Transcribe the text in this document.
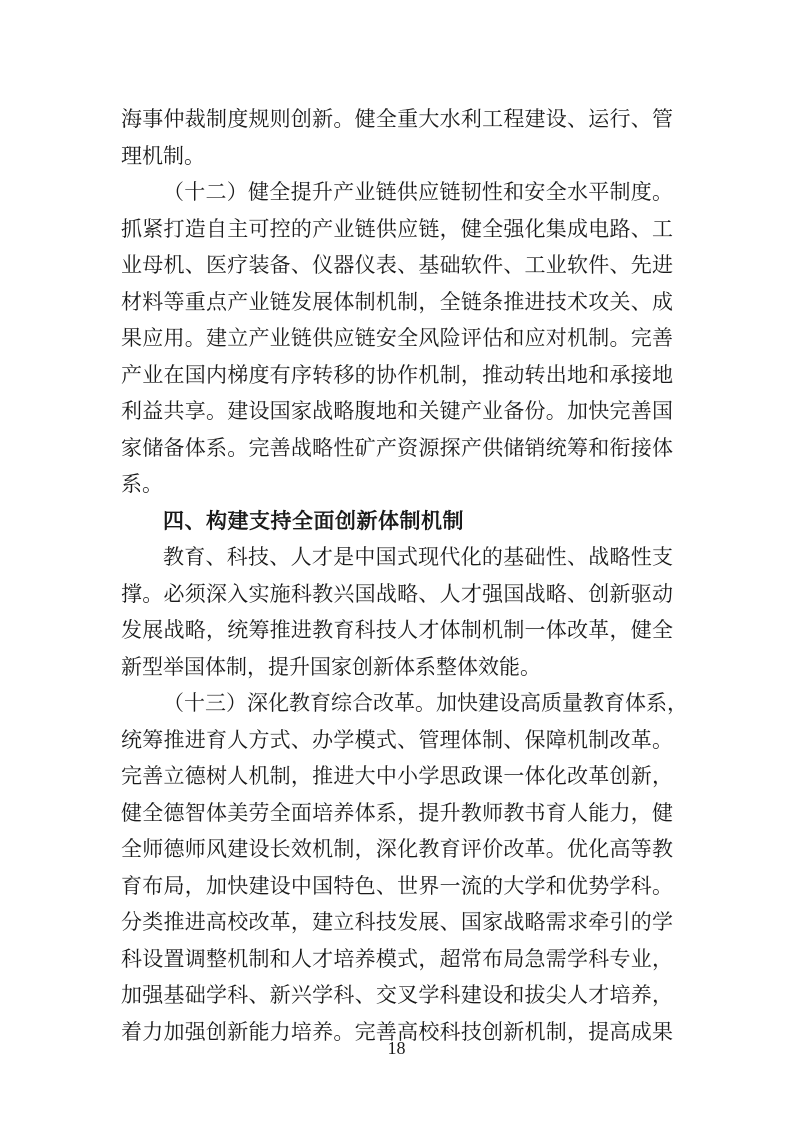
海事仲裁制度规则创新。健全重大水利工程建设、运行、管
理机制。
（十二）健全提升产业链供应链韧性和安全水平制度。
抓紧打造自主可控的产业链供应链，健全强化集成电路、工
业母机、医疗装备、仪器仪表、基础软件、工业软件、先进
材料等重点产业链发展体制机制，全链条推进技术攻关、成
果应用。建立产业链供应链安全风险评估和应对机制。完善
产业在国内梯度有序转移的协作机制，推动转出地和承接地
利益共享。建设国家战略腹地和关键产业备份。加快完善国
家储备体系。完善战略性矿产资源探产供储销统筹和衔接体
系。
四、构建支持全面创新体制机制
教育、科技、人才是中国式现代化的基础性、战略性支
撑。必须深入实施科教兴国战略、人才强国战略、创新驱动
发展战略，统筹推进教育科技人才体制机制一体改革，健全
新型举国体制，提升国家创新体系整体效能。
（十三）深化教育综合改革。加快建设高质量教育体系，
统筹推进育人方式、办学模式、管理体制、保障机制改革。
完善立德树人机制，推进大中小学思政课一体化改革创新，
健全德智体美劳全面培养体系，提升教师教书育人能力，健
全师德师风建设长效机制，深化教育评价改革。优化高等教
育布局，加快建设中国特色、世界一流的大学和优势学科。
分类推进高校改革，建立科技发展、国家战略需求牵引的学
科设置调整机制和人才培养模式，超常布局急需学科专业，
加强基础学科、新兴学科、交叉学科建设和拔尖人才培养，
着力加强创新能力培养。完善高校科技创新机制，提高成果
18
